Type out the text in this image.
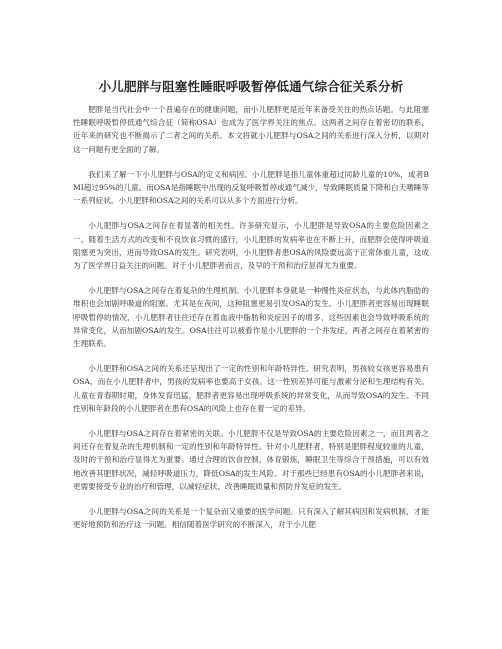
小儿肥胖与阻塞性睡眠呼吸暂停低通气综合征关系分析

肥胖是当代社会中一个普遍存在的健康问题，而小儿肥胖更是近年来备受关注的热点话题。与此阻塞性睡眠呼吸暂停低通气综合征（简称OSA）也成为了医学界关注的焦点。这两者之间存在着密切的联系，近年来的研究也不断揭示了二者之间的关系。本文将就小儿肥胖与OSA之间的关系进行深入分析，以期对这一问题有更全面的了解。

我们来了解一下小儿肥胖与OSA的定义和病因。小儿肥胖是指儿童体重超过同龄儿童的10%，或者BMI超过95%的儿童。而OSA是指睡眠中出现的反复呼吸暂停或通气减少，导致睡眠质量下降和白天嗜睡等一系列症状。小儿肥胖和OSA之间的关系可以从多个方面进行分析。

小儿肥胖与OSA之间存在着显著的相关性。许多研究显示，小儿肥胖是导致OSA的主要危险因素之一。随着生活方式的改变和不良饮食习惯的盛行，小儿肥胖的发病率也在不断上升，而肥胖会使得呼吸道阻塞更为突出，进而导致OSA的发生。研究表明，小儿肥胖者患OSA的风险要远高于正常体重儿童，这成为了医学界日益关注的问题。对于小儿肥胖者而言，及早的干预和治疗显得尤为重要。

小儿肥胖与OSA之间存在着复杂的生理机制。小儿肥胖本身就是一种慢性炎症状态，与此体内脂肪的堆积也会加剧呼吸道的阻塞。尤其是在夜间，这种阻塞更易引发OSA的发生。小儿肥胖者更容易出现睡眠呼吸暂停的情况，小儿肥胖者往往还存在着血液中脂肪和炎症因子的增多，这些因素也会导致呼吸系统的异常变化，从而加剧OSA的发生。OSA往往可以被看作是小儿肥胖的一个并发症，两者之间存在着紧密的生理联系。

小儿肥胖和OSA之间的关系还呈现出了一定的性别和年龄特异性。研究表明，男孩较女孩更容易患有OSA，而在小儿肥胖者中，男孩的发病率也要高于女孩。这一性别差异可能与激素分泌和生理结构有关。儿童在青春期时期，身体发育迅猛，肥胖者更容易出现呼吸系统的异常变化，从而导致OSA的发生。不同性别和年龄段的小儿肥胖者在患有OSA的风险上也存在着一定的差异。

小儿肥胖与OSA之间存在着紧密的关联。小儿肥胖不仅是导致OSA的主要危险因素之一，而且两者之间还存在着复杂的生理机制和一定的性别和年龄特异性。针对小儿肥胖者，特别是肥胖程度较重的儿童，及时的干预和治疗显得尤为重要。通过合理的饮食控制，体育锻炼，睡眠卫生等综合干预措施，可以有效地改善其肥胖状况，减轻呼吸道压力，降低OSA的发生风险。对于那些已经患有OSA的小儿肥胖者来说，更需要接受专业的治疗和管理，以减轻症状、改善睡眠质量和预防并发症的发生。

小儿肥胖与OSA之间的关系是一个复杂而又重要的医学问题。只有深入了解其病因和发病机制，才能更好地预防和治疗这一问题。相信随着医学研究的不断深入，对于小儿肥
